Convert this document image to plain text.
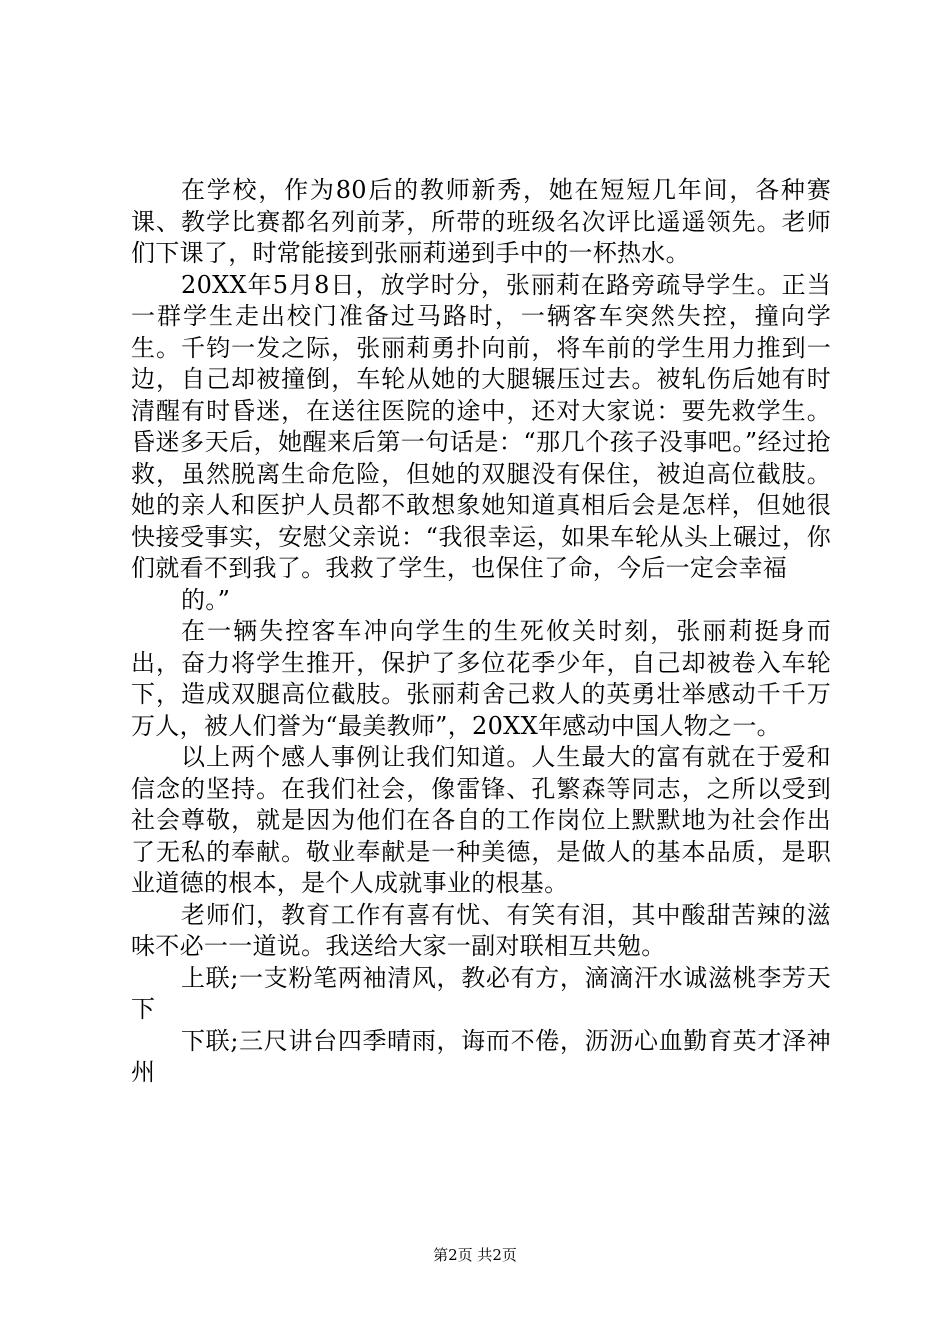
在学校，作为80后的教师新秀，她在短短几年间，各种赛课、教学比赛都名列前茅，所带的班级名次评比遥遥领先。老师们下课了，时常能接到张丽莉递到手中的一杯热水。

20XX年5月8日，放学时分，张丽莉在路旁疏导学生。正当一群学生走出校门准备过马路时，一辆客车突然失控，撞向学生。千钧一发之际，张丽莉勇扑向前，将车前的学生用力推到一边，自己却被撞倒，车轮从她的大腿辗压过去。被轧伤后她有时清醒有时昏迷，在送往医院的途中，还对大家说：要先救学生。昏迷多天后，她醒来后第一句话是：“那几个孩子没事吧。”经过抢救，虽然脱离生命危险，但她的双腿没有保住，被迫高位截肢。她的亲人和医护人员都不敢想象她知道真相后会是怎样，但她很快接受事实，安慰父亲说：“我很幸运，如果车轮从头上碾过，你们就看不到我了。我救了学生，也保住了命，今后一定会幸福

的。”

在一辆失控客车冲向学生的生死攸关时刻，张丽莉挺身而出，奋力将学生推开，保护了多位花季少年，自己却被卷入车轮下，造成双腿高位截肢。张丽莉舍己救人的英勇壮举感动千千万万人，被人们誉为“最美教师”，20XX年感动中国人物之一。

以上两个感人事例让我们知道。人生最大的富有就在于爱和信念的坚持。在我们社会，像雷锋、孔繁森等同志，之所以受到社会尊敬，就是因为他们在各自的工作岗位上默默地为社会作出了无私的奉献。敬业奉献是一种美德，是做人的基本品质，是职业道德的根本，是个人成就事业的根基。

老师们，教育工作有喜有忧、有笑有泪，其中酸甜苦辣的滋味不必一一道说。我送给大家一副对联相互共勉。

上联;一支粉笔两袖清风，教必有方，滴滴汗水诚滋桃李芳天下

下联;三尺讲台四季晴雨，诲而不倦，沥沥心血勤育英才泽神州

第2页 共2页
